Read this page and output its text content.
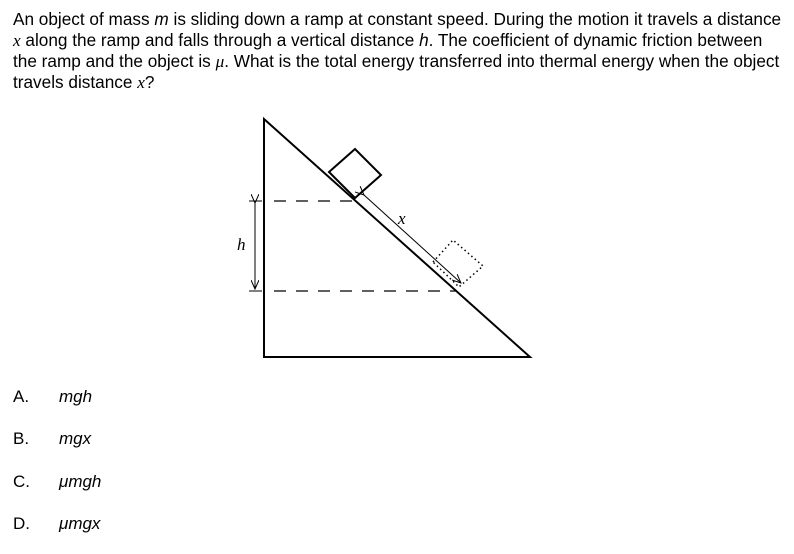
An object of mass m is sliding down a ramp at constant speed. During the motion it travels a distance x along the ramp and falls through a vertical distance h. The coefficient of dynamic friction between the ramp and the object is μ. What is the total energy transferred into thermal energy when the object travels distance x?
h
x
A. mgh
B. mgx
C. μmgh
D. μmgx
